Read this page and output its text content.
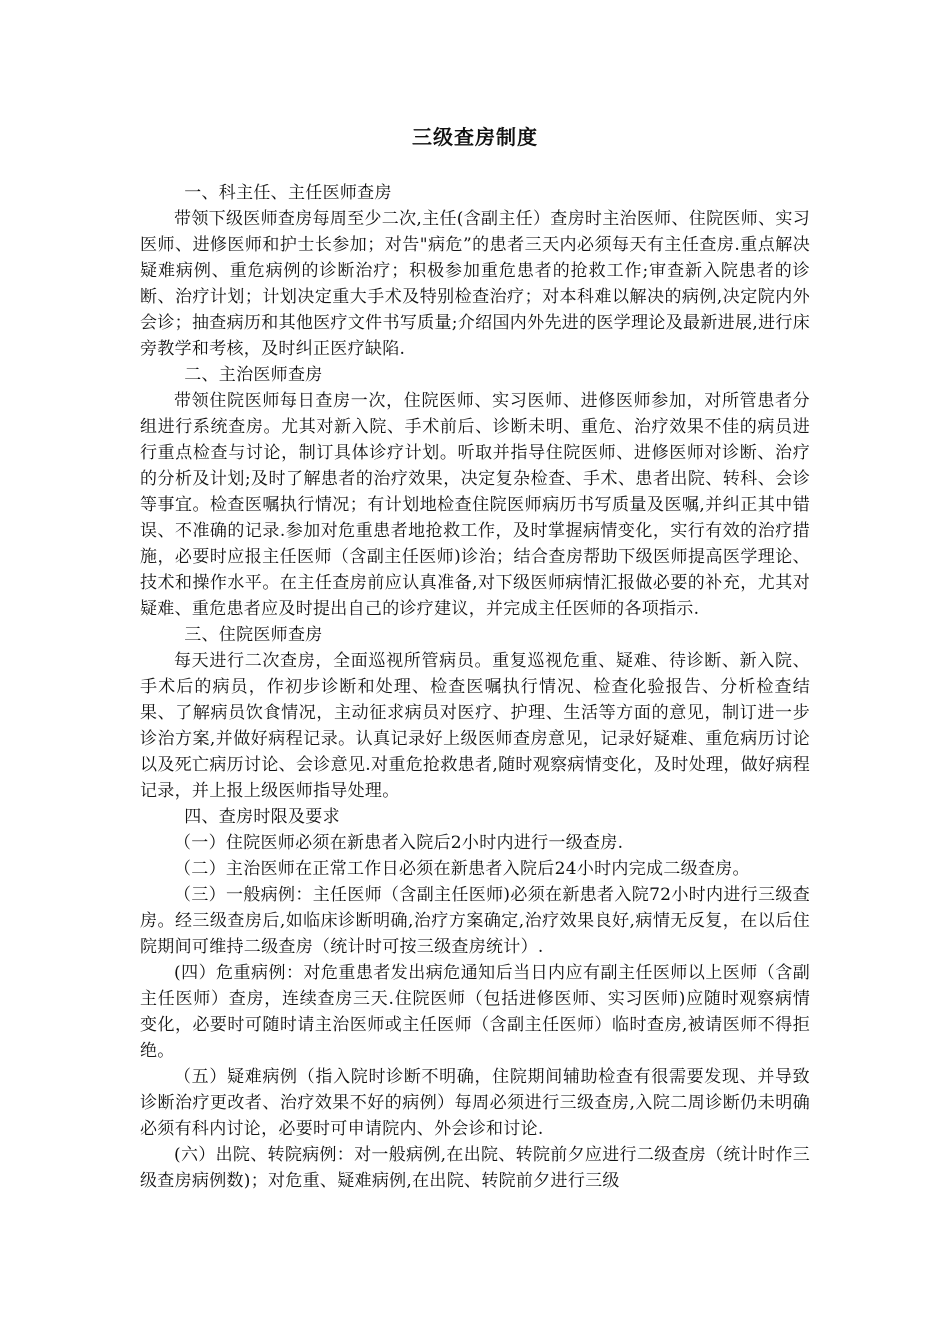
三级查房制度

一、科主任、主任医师查房

带领下级医师查房每周至少二次,主任(含副主任）查房时主治医师、住院医师、实习医师、进修医师和护士长参加；对告"病危”的患者三天内必须每天有主任查房.重点解决疑难病例、重危病例的诊断治疗；积极参加重危患者的抢救工作;审查新入院患者的诊断、治疗计划；计划决定重大手术及特别检查治疗；对本科难以解决的病例,决定院内外会诊；抽查病历和其他医疗文件书写质量;介绍国内外先进的医学理论及最新进展,进行床旁教学和考核，及时纠正医疗缺陷.

二、主治医师查房

带领住院医师每日查房一次，住院医师、实习医师、进修医师参加，对所管患者分组进行系统查房。尤其对新入院、手术前后、诊断未明、重危、治疗效果不佳的病员进行重点检查与讨论，制订具体诊疗计划。听取并指导住院医师、进修医师对诊断、治疗的分析及计划;及时了解患者的治疗效果，决定复杂检查、手术、患者出院、转科、会诊等事宜。检查医嘱执行情况；有计划地检查住院医师病历书写质量及医嘱,并纠正其中错误、不准确的记录.参加对危重患者地抢救工作，及时掌握病情变化，实行有效的治疗措施，必要时应报主任医师（含副主任医师)诊治；结合查房帮助下级医师提高医学理论、技术和操作水平。在主任查房前应认真准备,对下级医师病情汇报做必要的补充，尤其对疑难、重危患者应及时提出自己的诊疗建议，并完成主任医师的各项指示.

三、住院医师查房

每天进行二次查房，全面巡视所管病员。重复巡视危重、疑难、待诊断、新入院、手术后的病员，作初步诊断和处理、检查医嘱执行情况、检查化验报告、分析检查结果、了解病员饮食情况，主动征求病员对医疗、护理、生活等方面的意见，制订进一步诊治方案,并做好病程记录。认真记录好上级医师查房意见，记录好疑难、重危病历讨论以及死亡病历讨论、会诊意见.对重危抢救患者,随时观察病情变化，及时处理，做好病程记录，并上报上级医师指导处理。

四、查房时限及要求

（一）住院医师必须在新患者入院后2小时内进行一级查房.

（二）主治医师在正常工作日必须在新患者入院后24小时内完成二级查房。

（三）一般病例：主任医师（含副主任医师)必须在新患者入院72小时内进行三级查房。经三级查房后,如临床诊断明确,治疗方案确定,治疗效果良好,病情无反复，在以后住院期间可维持二级查房（统计时可按三级查房统计）.

(四）危重病例：对危重患者发出病危通知后当日内应有副主任医师以上医师（含副主任医师）查房，连续查房三天.住院医师（包括进修医师、实习医师)应随时观察病情变化，必要时可随时请主治医师或主任医师（含副主任医师）临时查房,被请医师不得拒绝。

（五）疑难病例（指入院时诊断不明确，住院期间辅助检查有很需要发现、并导致诊断治疗更改者、治疗效果不好的病例）每周必须进行三级查房,入院二周诊断仍未明确必须有科内讨论，必要时可申请院内、外会诊和讨论.

(六）出院、转院病例：对一般病例,在出院、转院前夕应进行二级查房（统计时作三级查房病例数)；对危重、疑难病例,在出院、转院前夕进行三级
